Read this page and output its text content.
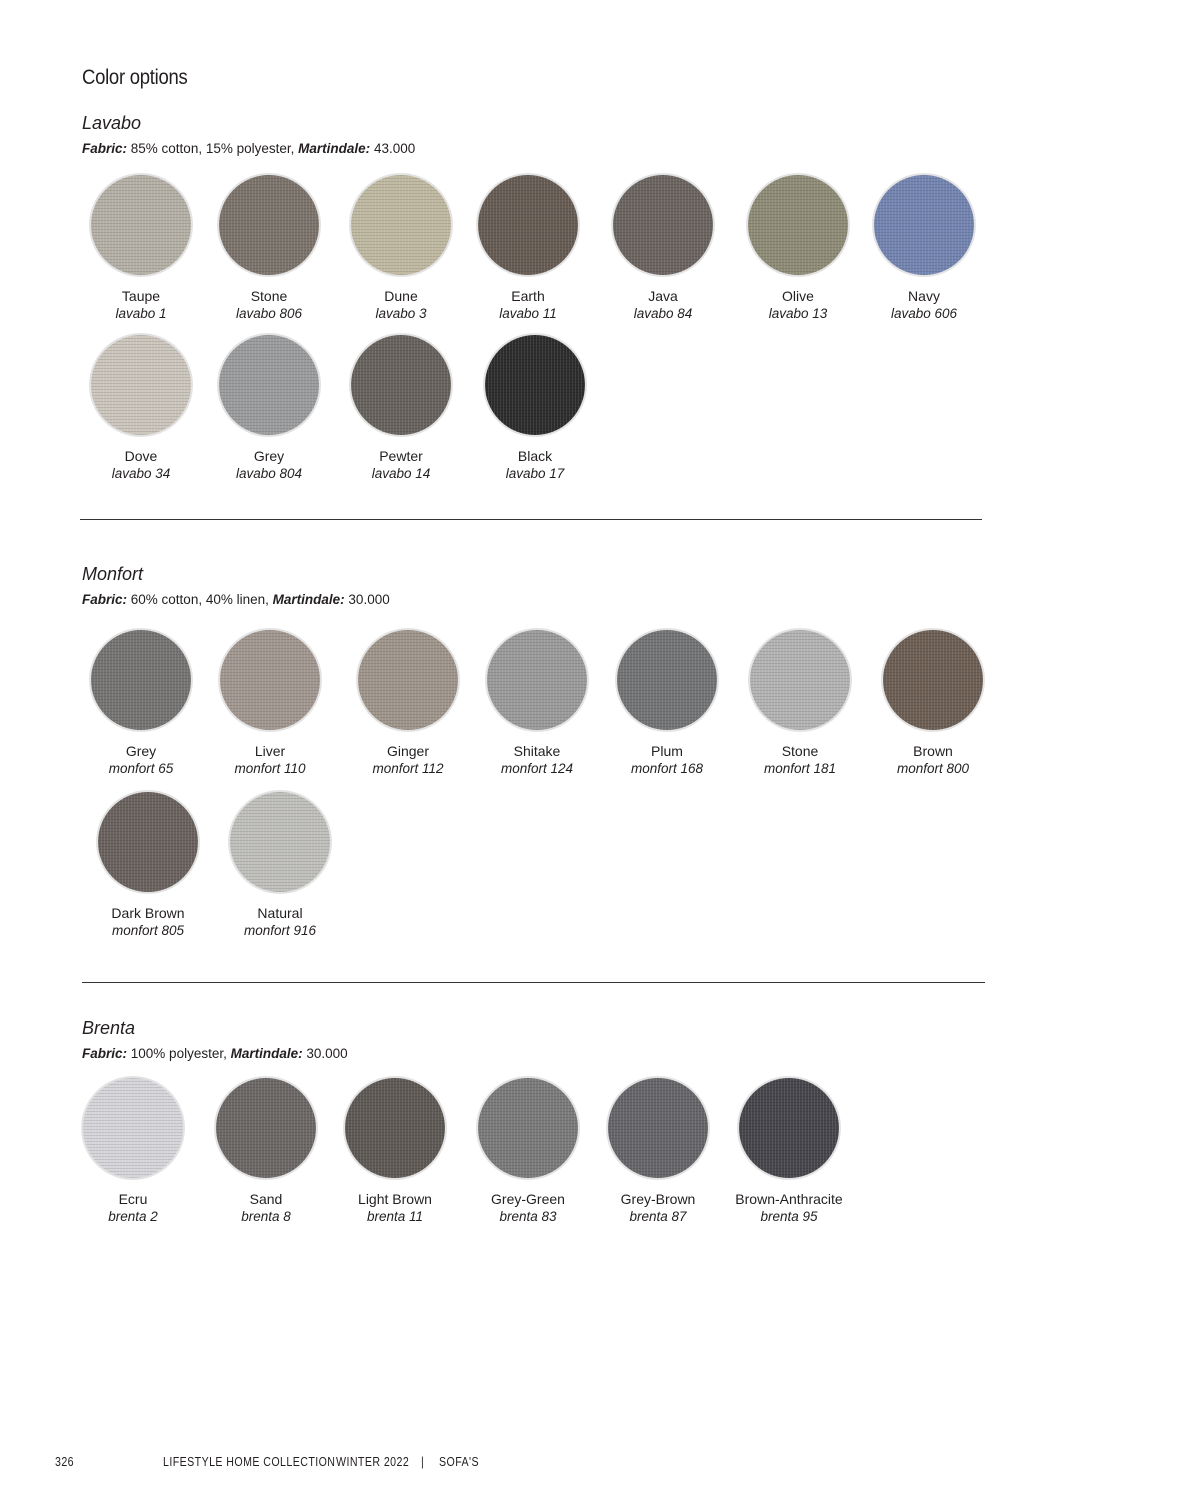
Color options
Lavabo
Fabric: 85% cotton, 15% polyester, Martindale: 43.000
Taupe
lavabo 1
Stone
lavabo 806
Dune
lavabo 3
Earth
lavabo 11
Java
lavabo 84
Olive
lavabo 13
Navy
lavabo 606
Dove
lavabo 34
Grey
lavabo 804
Pewter
lavabo 14
Black
lavabo 17
Monfort
Fabric: 60% cotton, 40% linen, Martindale: 30.000
Grey
monfort 65
Liver
monfort 110
Ginger
monfort 112
Shitake
monfort 124
Plum
monfort 168
Stone
monfort 181
Brown
monfort 800
Dark Brown
monfort 805
Natural
monfort 916
Brenta
Fabric: 100% polyester, Martindale: 30.000
Ecru
brenta 2
Sand
brenta 8
Light Brown
brenta 11
Grey-Green
brenta 83
Grey-Brown
brenta 87
Brown-Anthracite
brenta 95
326	LIFESTYLE HOME COLLECTION WINTER 2022 | SOFA'S
